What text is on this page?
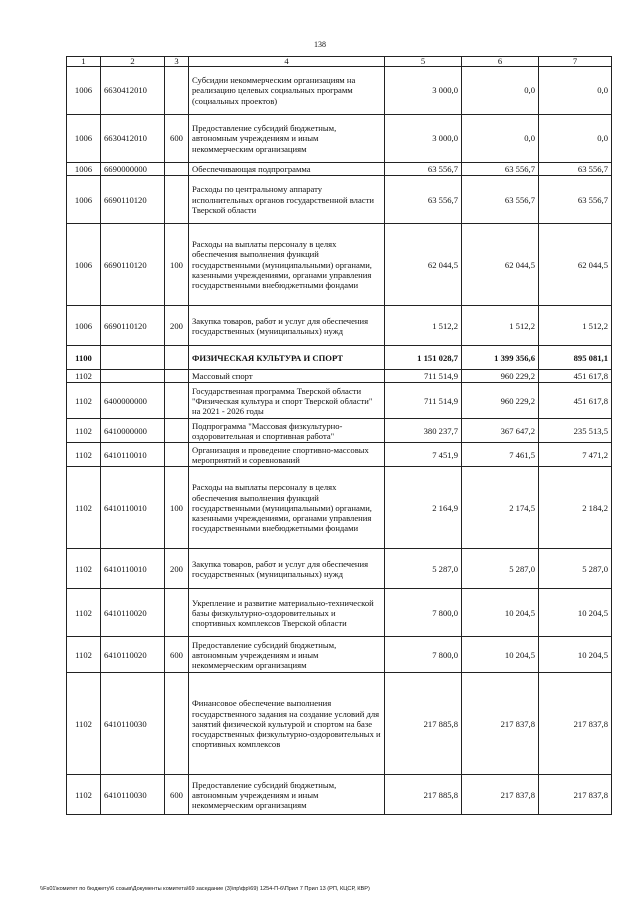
138
1	2	3	4	5	6	7
1006	6630412010		Субсидии некоммерческим организациям на реализацию целевых социальных программ (социальных проектов)	3 000,0	0,0	0,0
1006	6630412010	600	Предоставление субсидий бюджетным, автономным учреждениям и иным некоммерческим организациям	3 000,0	0,0	0,0
1006	6690000000		Обеспечивающая подпрограмма	63 556,7	63 556,7	63 556,7
1006	6690110120		Расходы по центральному аппарату исполнительных органов государственной власти Тверской области	63 556,7	63 556,7	63 556,7
1006	6690110120	100	Расходы на выплаты персоналу в целях обеспечения выполнения функций государственными (муниципальными) органами, казенными учреждениями, органами управления государственными внебюджетными фондами	62 044,5	62 044,5	62 044,5
1006	6690110120	200	Закупка товаров, работ и услуг для обеспечения государственных (муниципальных) нужд	1 512,2	1 512,2	1 512,2
1100			ФИЗИЧЕСКАЯ КУЛЬТУРА И СПОРТ	1 151 028,7	1 399 356,6	895 081,1
1102			Массовый спорт	711 514,9	960 229,2	451 617,8
1102	6400000000		Государственная программа Тверской области "Физическая культура и спорт Тверской области" на 2021 - 2026 годы	711 514,9	960 229,2	451 617,8
1102	6410000000		Подпрограмма "Массовая физкультурно-оздоровительная и спортивная работа"	380 237,7	367 647,2	235 513,5
1102	6410110010		Организация и проведение спортивно-массовых мероприятий и соревнований	7 451,9	7 461,5	7 471,2
1102	6410110010	100	Расходы на выплаты персоналу в целях обеспечения выполнения функций государственными (муниципальными) органами, казенными учреждениями, органами управления государственными внебюджетными фондами	2 164,9	2 174,5	2 184,2
1102	6410110010	200	Закупка товаров, работ и услуг для обеспечения государственных (муниципальных) нужд	5 287,0	5 287,0	5 287,0
1102	6410110020		Укрепление и развитие материально-технической базы физкультурно-оздоровительных и спортивных комплексов Тверской области	7 800,0	10 204,5	10 204,5
1102	6410110020	600	Предоставление субсидий бюджетным, автономным учреждениям и иным некоммерческим организациям	7 800,0	10 204,5	10 204,5
1102	6410110030		Финансовое обеспечение выполнения государственного задания на создание условий для занятий физической культурой и спортом на базе государственных физкультурно-оздоровительных и спортивных комплексов	217 885,8	217 837,8	217 837,8
1102	6410110030	600	Предоставление субсидий бюджетным, автономным учреждениям и иным некоммерческим организациям	217 885,8	217 837,8	217 837,8
\\Fs01\комитет по бюджету\6 созыв\Документы комитета\69 заседание (3)\пр\фр\69) 1254-П-6\Прил 7 Прил 13 (РП, КЦСР, КВР)
